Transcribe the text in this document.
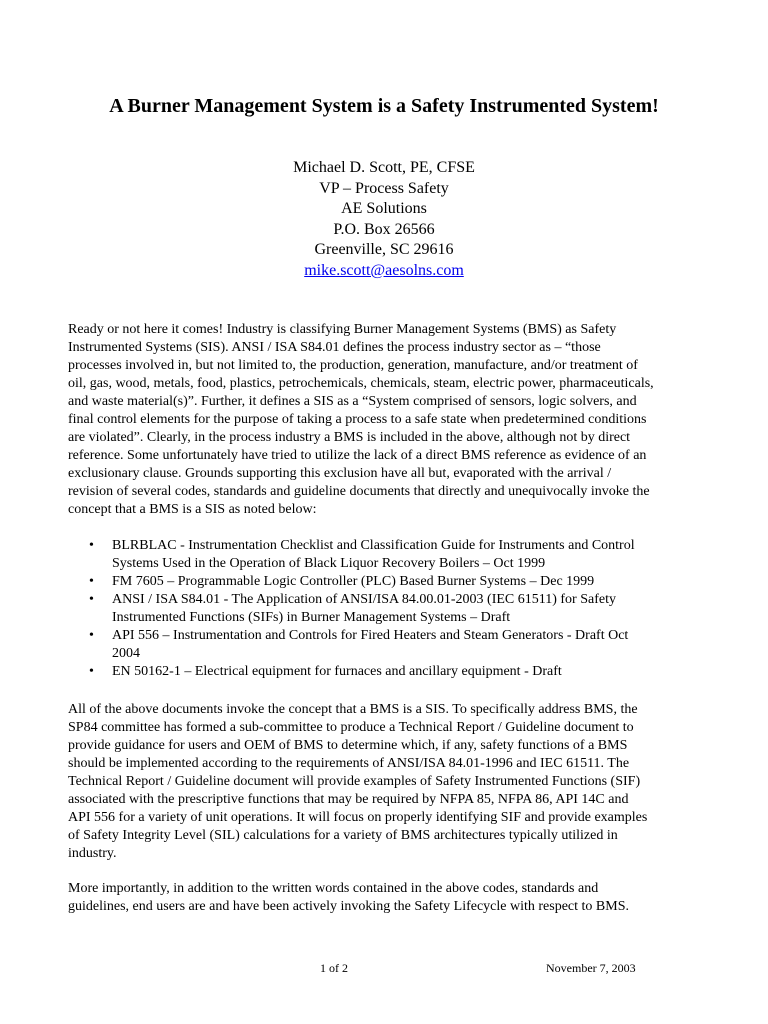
A Burner Management System is a Safety Instrumented System!
Michael D. Scott, PE, CFSE
VP – Process Safety
AE Solutions
P.O. Box 26566
Greenville, SC 29616
mike.scott@aesolns.com
Ready or not here it comes! Industry is classifying Burner Management Systems (BMS) as Safety
Instrumented Systems (SIS). ANSI / ISA S84.01 defines the process industry sector as – “those
processes involved in, but not limited to, the production, generation, manufacture, and/or treatment of
oil, gas, wood, metals, food, plastics, petrochemicals, chemicals, steam, electric power, pharmaceuticals,
and waste material(s)”. Further, it defines a SIS as a “System comprised of sensors, logic solvers, and
final control elements for the purpose of taking a process to a safe state when predetermined conditions
are violated”. Clearly, in the process industry a BMS is included in the above, although not by direct
reference. Some unfortunately have tried to utilize the lack of a direct BMS reference as evidence of an
exclusionary clause. Grounds supporting this exclusion have all but, evaporated with the arrival /
revision of several codes, standards and guideline documents that directly and unequivocally invoke the
concept that a BMS is a SIS as noted below:
• BLRBLAC - Instrumentation Checklist and Classification Guide for Instruments and Control
Systems Used in the Operation of Black Liquor Recovery Boilers – Oct 1999
• FM 7605 – Programmable Logic Controller (PLC) Based Burner Systems – Dec 1999
• ANSI / ISA S84.01 - The Application of ANSI/ISA 84.00.01-2003 (IEC 61511) for Safety
Instrumented Functions (SIFs) in Burner Management Systems – Draft
• API 556 – Instrumentation and Controls for Fired Heaters and Steam Generators - Draft Oct
2004
• EN 50162-1 – Electrical equipment for furnaces and ancillary equipment - Draft
All of the above documents invoke the concept that a BMS is a SIS. To specifically address BMS, the
SP84 committee has formed a sub-committee to produce a Technical Report / Guideline document to
provide guidance for users and OEM of BMS to determine which, if any, safety functions of a BMS
should be implemented according to the requirements of ANSI/ISA 84.01-1996 and IEC 61511. The
Technical Report / Guideline document will provide examples of Safety Instrumented Functions (SIF)
associated with the prescriptive functions that may be required by NFPA 85, NFPA 86, API 14C and
API 556 for a variety of unit operations. It will focus on properly identifying SIF and provide examples
of Safety Integrity Level (SIL) calculations for a variety of BMS architectures typically utilized in
industry.
More importantly, in addition to the written words contained in the above codes, standards and
guidelines, end users are and have been actively invoking the Safety Lifecycle with respect to BMS.
1 of 2	November 7, 2003
